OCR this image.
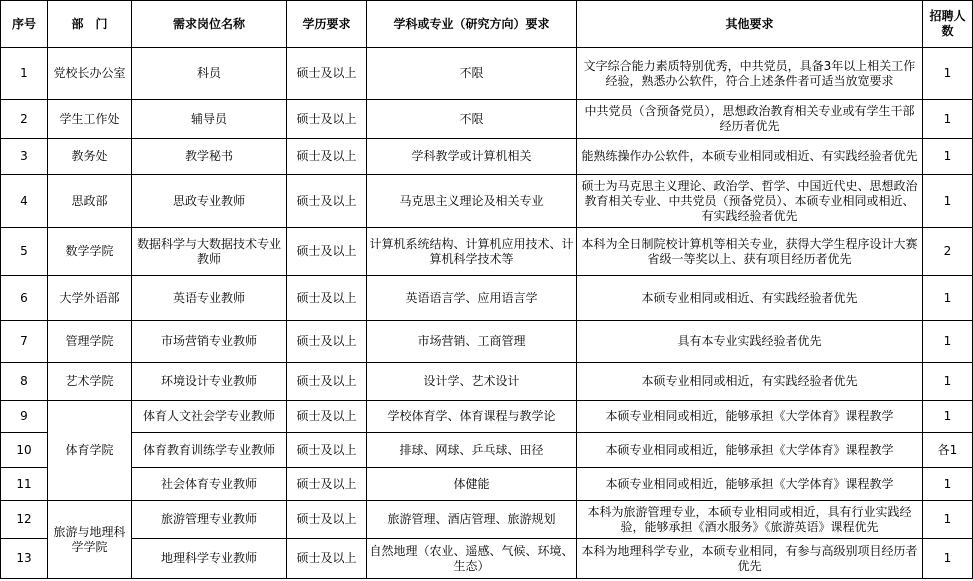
序号	部　门	需求岗位名称	学历要求	学科或专业（研究方向）要求	其他要求	招聘人数
1	党校长办公室	科员	硕士及以上	不限	文字综合能力素质特别优秀，中共党员，具备3年以上相关工作经验，熟悉办公软件，符合上述条件者可适当放宽要求	1
2	学生工作处	辅导员	硕士及以上	不限	中共党员（含预备党员），思想政治教育相关专业或有学生干部经历者优先	1
3	教务处	教学秘书	硕士及以上	学科教学或计算机相关	能熟练操作办公软件，本硕专业相同或相近、有实践经验者优先	1
4	思政部	思政专业教师	硕士及以上	马克思主义理论及相关专业	硕士为马克思主义理论、政治学、哲学、中国近代史、思想政治教育相关专业、中共党员（预备党员）、本硕专业相同或相近、有实践经验者优先	1
5	数学学院	数据科学与大数据技术专业教师	硕士及以上	计算机系统结构、计算机应用技术、计算机科学技术等	本科为全日制院校计算机等相关专业，获得大学生程序设计大赛省级一等奖以上、获有项目经历者优先	2
6	大学外语部	英语专业教师	硕士及以上	英语语言学、应用语言学	本硕专业相同或相近、有实践经验者优先	1
7	管理学院	市场营销专业教师	硕士及以上	市场营销、工商管理	具有本专业实践经验者优先	1
8	艺术学院	环境设计专业教师	硕士及以上	设计学、艺术设计	本硕专业相同或相近，有实践经验者优先	1
9	体育学院	体育人文社会学专业教师	硕士及以上	学校体育学、体育课程与教学论	本硕专业相同或相近，能够承担《大学体育》课程教学	1
10		体育教育训练学专业教师	硕士及以上	排球、网球、乒乓球、田径	本硕专业相同或相近，能够承担《大学体育》课程教学	各1
11		社会体育专业教师	硕士及以上	体健能	本硕专业相同或相近，能够承担《大学体育》课程教学	1
12	旅游与地理科学学院	旅游管理专业教师	硕士及以上	旅游管理、酒店管理、旅游规划	本科为旅游管理专业，本硕专业相同或相近，具有行业实践经验，能够承担《酒水服务》《旅游英语》课程优先	1
13		地理科学专业教师	硕士及以上	自然地理（农业、遥感、气候、环境、生态）	本科为地理科学专业，本硕专业相同，有参与高级别项目经历者优先	1
